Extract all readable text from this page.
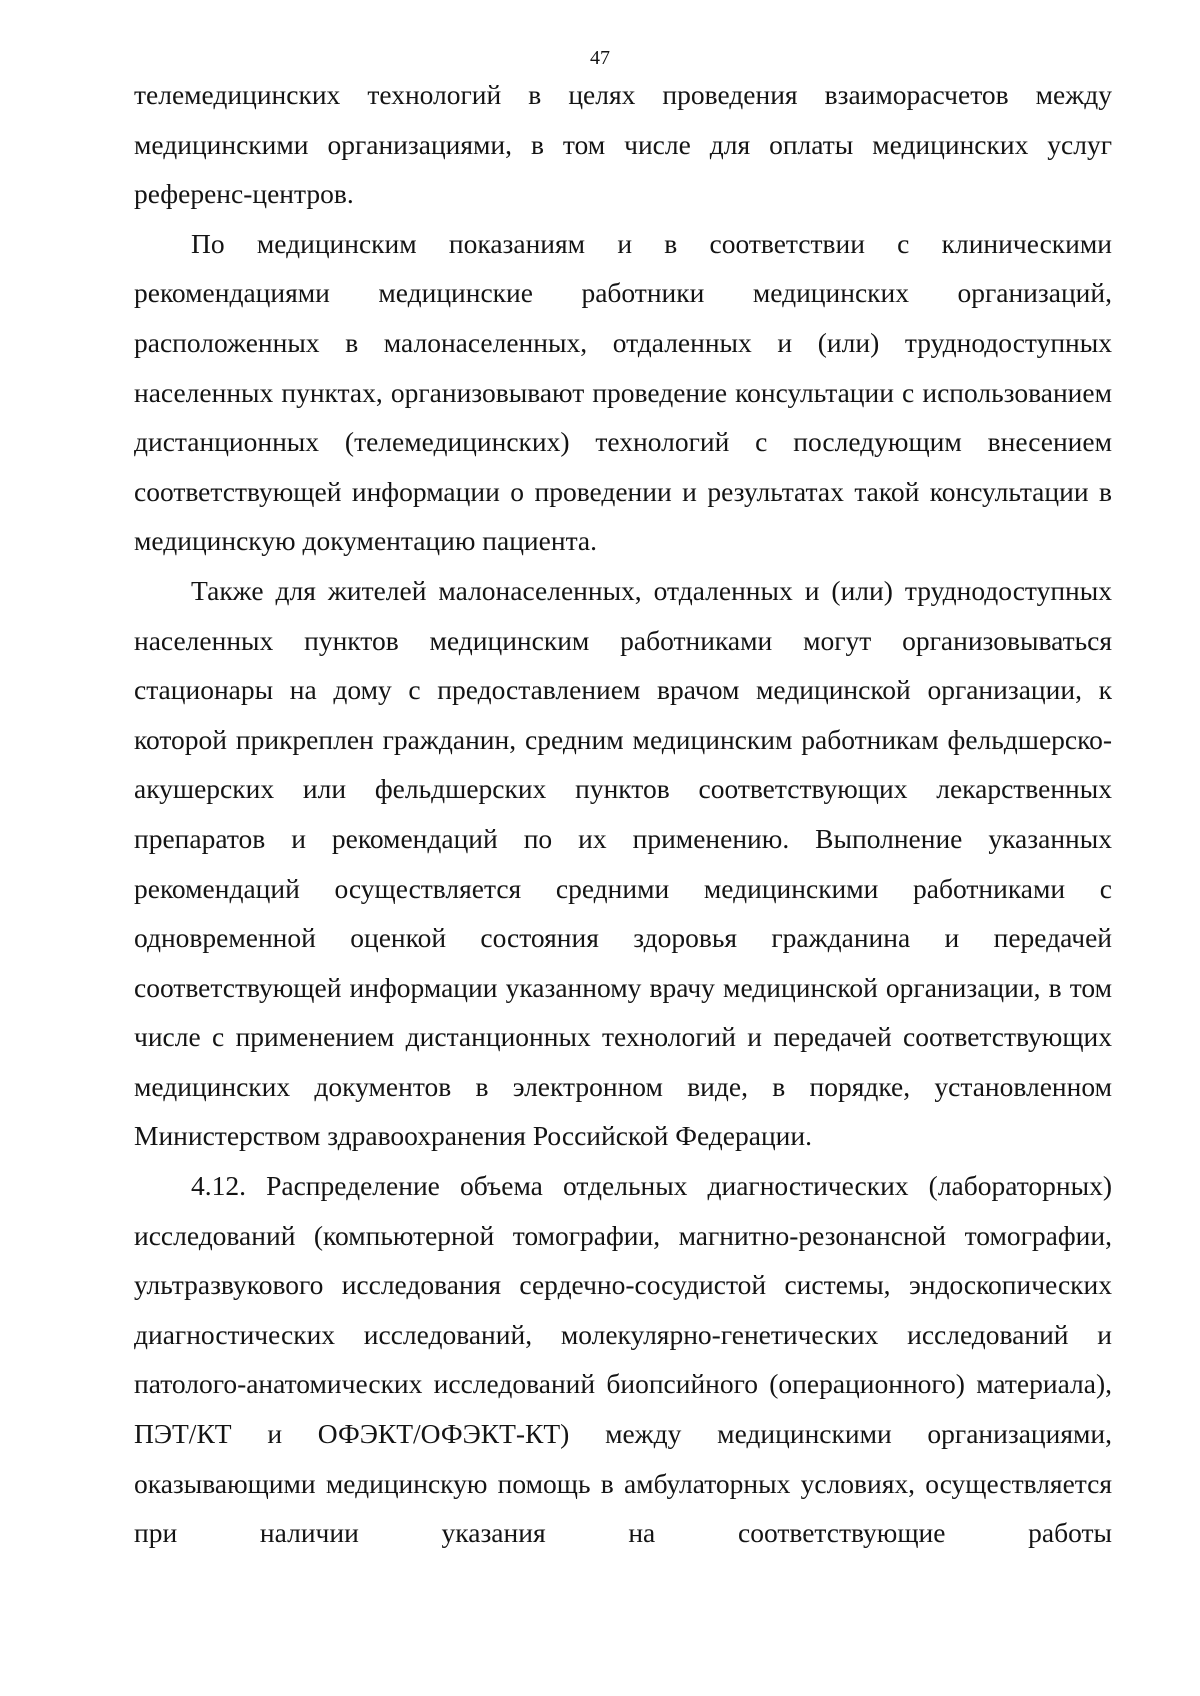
47

телемедицинских технологий в целях проведения взаиморасчетов между медицинскими организациями, в том числе для оплаты медицинских услуг референс-центров.

По медицинским показаниям и в соответствии с клиническими рекомендациями медицинские работники медицинских организаций, расположенных в малонаселенных, отдаленных и (или) труднодоступных населенных пунктах, организовывают проведение консультации с использованием дистанционных (телемедицинских) технологий с последующим внесением соответствующей информации о проведении и результатах такой консультации в медицинскую документацию пациента.

Также для жителей малонаселенных, отдаленных и (или) труднодоступных населенных пунктов медицинским работниками могут организовываться стационары на дому с предоставлением врачом медицинской организации, к которой прикреплен гражданин, средним медицинским работникам фельдшерско-акушерских или фельдшерских пунктов соответствующих лекарственных препаратов и рекомендаций по их применению. Выполнение указанных рекомендаций осуществляется средними медицинскими работниками с одновременной оценкой состояния здоровья гражданина и передачей соответствующей информации указанному врачу медицинской организации, в том числе с применением дистанционных технологий и передачей соответствующих медицинских документов в электронном виде, в порядке, установленном Министерством здравоохранения Российской Федерации.

4.12. Распределение объема отдельных диагностических (лабораторных) исследований (компьютерной томографии, магнитно-резонансной томографии, ультразвукового исследования сердечно-сосудистой системы, эндоскопических диагностических исследований, молекулярно-генетических исследований и патолого-анатомических исследований биопсийного (операционного) материала), ПЭТ/КТ и ОФЭКТ/ОФЭКТ-КТ) между медицинскими организациями, оказывающими медицинскую помощь в амбулаторных условиях, осуществляется при наличии указания на соответствующие работы
